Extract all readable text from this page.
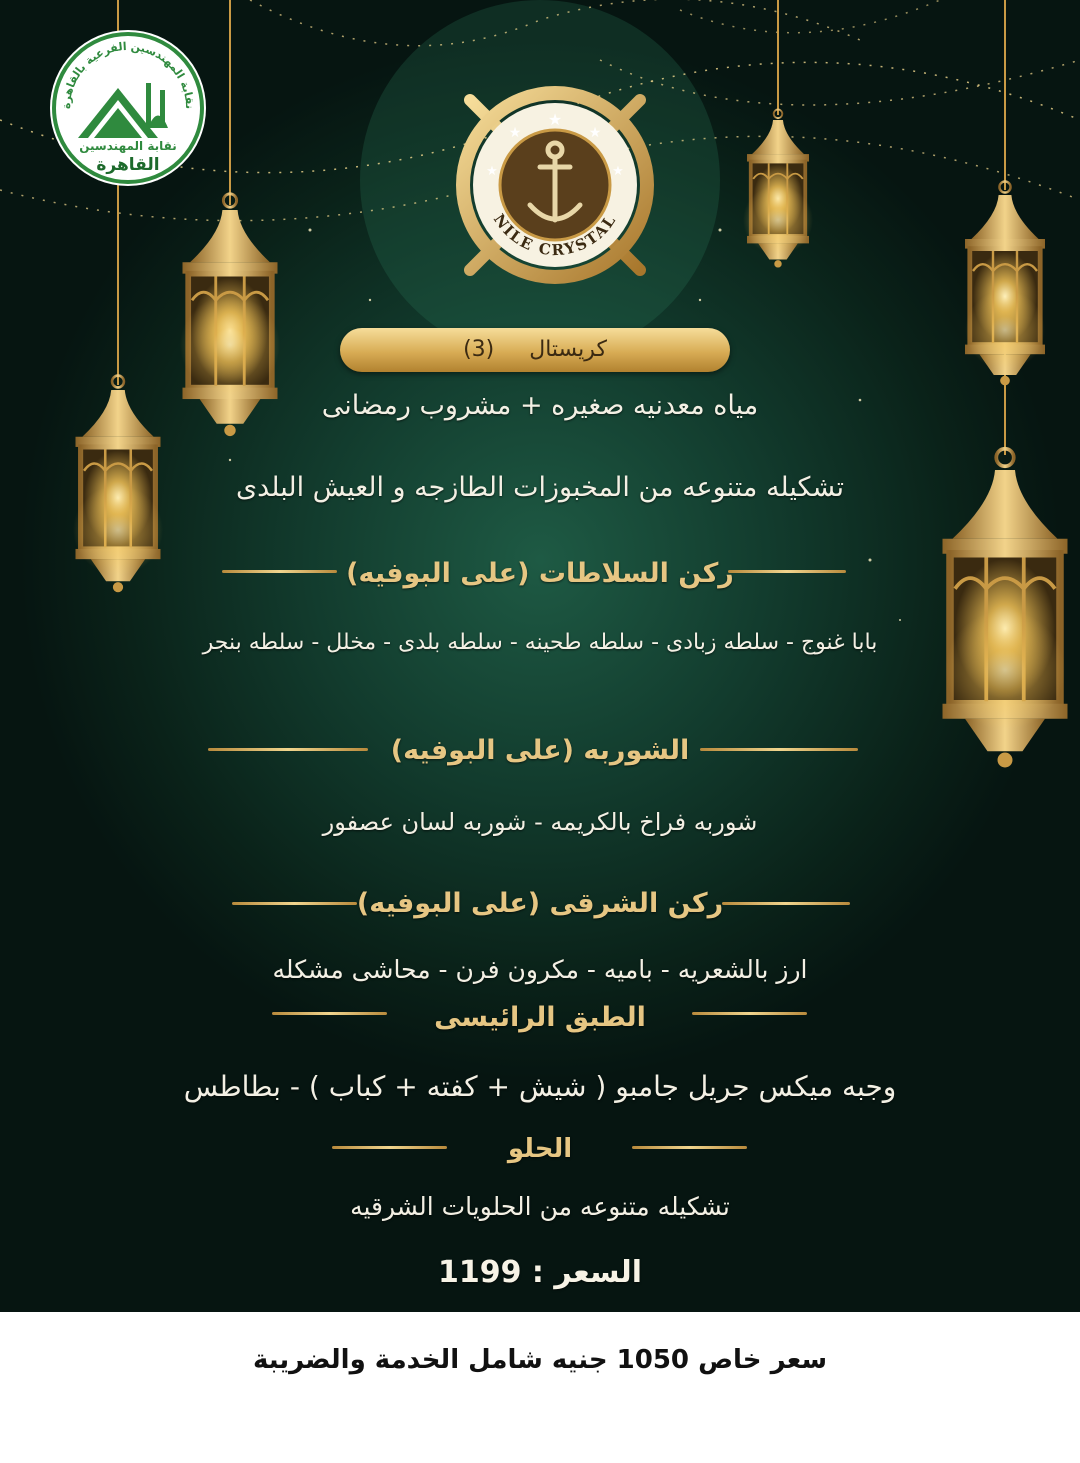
نقابة المهندسين الفرعية بالقاهرة
نقابة المهندسين
القاهرة
★
★	★
★	★
NILE CRYSTAL
كريستال     (3)
مياه معدنيه صغيره + مشروب رمضانى
تشكيله متنوعه من المخبوزات الطازجه و العيش البلدى
ركن السلاطات (على البوفيه)
بابا غنوج - سلطه زبادى - سلطه طحينه - سلطه بلدى - مخلل - سلطه بنجر
الشوربه (على البوفيه)
شوربه فراخ بالكريمه - شوربه لسان عصفور
ركن الشرقى (على البوفيه)
ارز بالشعريه - باميه - مكرون فرن - محاشى مشكله
الطبق الرائيسى
وجبه ميكس جريل جامبو ( شيش + كفته + كباب ) - بطاطس
الحلو
تشكيله متنوعه من الحلويات الشرقيه
السعر : 1199
سعر خاص 1050 جنيه شامل الخدمة والضريبة
